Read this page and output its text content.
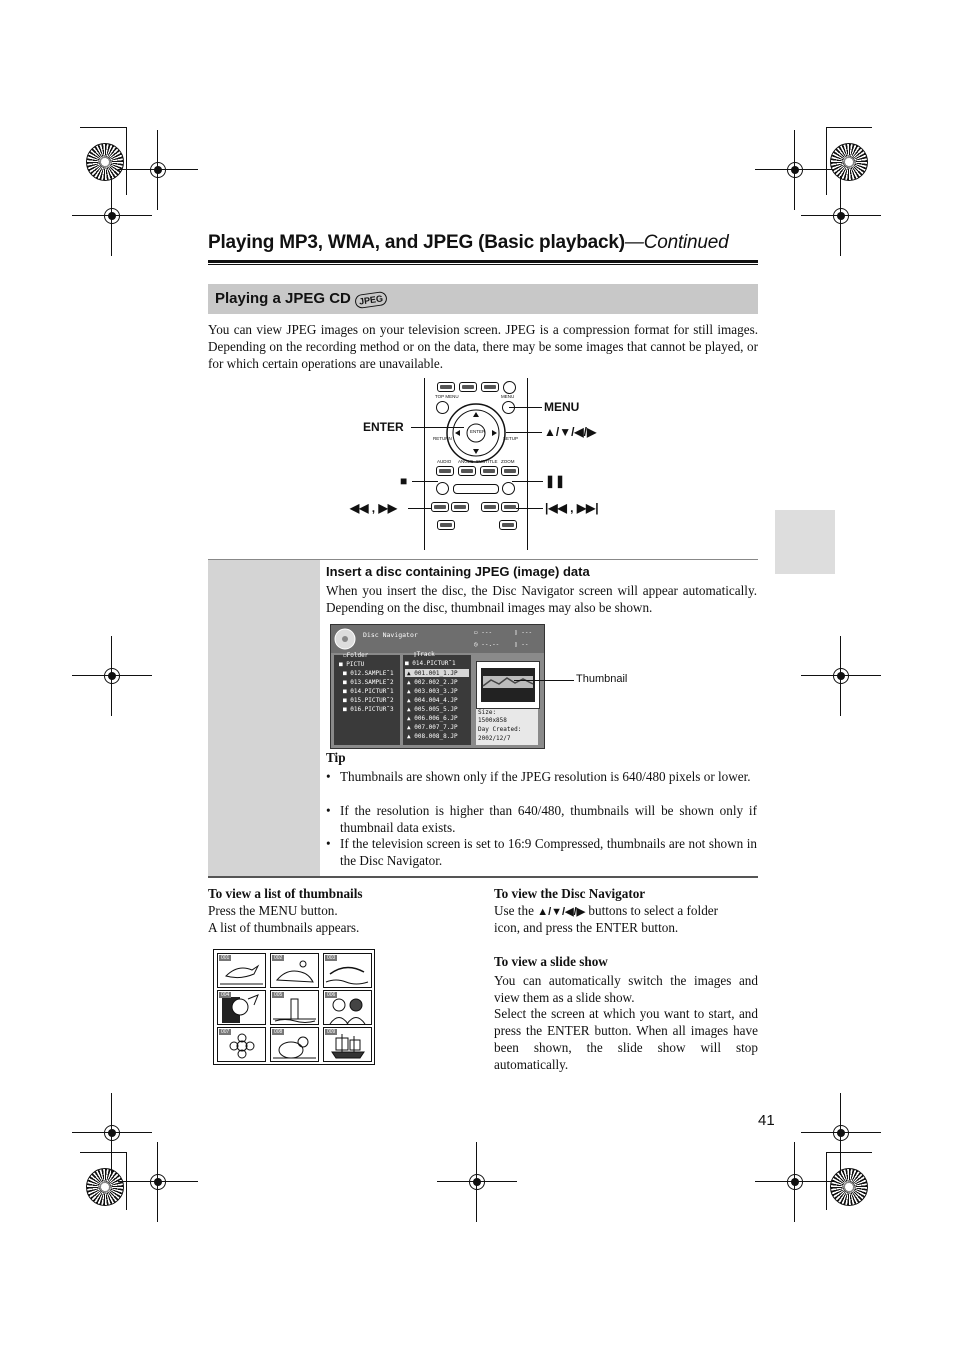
Playing MP3, WMA, and JPEG (Basic playback)—Continued
Playing a JPEG CD JPEG
You can view JPEG images on your television screen. JPEG is a compression format for still images. Depending on the recording method or on the data, there may be some images that cannot be played, or for which certain operations are unavailable.
TOP MENU	MENU
ENTER
RETURN	SETUP
AUDIO ANGLE SUBTITLE ZOOM
MENU
ENTER	▲/▼/◀/▶
■	❚❚
◀◀ , ▶▶	|◀◀ , ▶▶|
Insert a disc containing JPEG (image) data
When you insert the disc, the Disc Navigator screen will appear automatically. Depending on the disc, thumbnail images may also be shown.
Disc Navigator	▭ ---	▯ ---
◷ --.-- ▯ --
▭Folder
■ PICTU
■ 012.SAMPLE˜1
■ 013.SAMPLE˜2
■ 014.PICTUR˜1
■ 015.PICTUR˜2
■ 016.PICTUR˜3
▯Track
■ 014.PICTUR˜1
▲ 001.001_1.JP
▲ 002.002_2.JP
▲ 003.003_3.JP
▲ 004.004_4.JP
▲ 005.005_5.JP
▲ 006.006_6.JP
▲ 007.007_7.JP
▲ 008.008_8.JP
Size:
1500x858
Day Created:
2002/12/7
Thumbnail
Tip
• Thumbnails are shown only if the JPEG resolution is 640/480 pixels or lower.
• If the resolution is higher than 640/480, thumbnails will be shown only if thumbnail data exists.
• If the television screen is set to 16:9 Compressed, thumbnails are not shown in the Disc Navigator.
To view a list of thumbnails
Press the MENU button.
A list of thumbnails appears.
001	002	003
004	005	006
007	008	009
To view the Disc Navigator
Use the ▲/▼/◀/▶ buttons to select a folder
icon, and press the ENTER button.
To view a slide show
You can automatically switch the images and view them as a slide show.
Select the screen at which you want to start, and press the ENTER button. When all images have been shown, the slide show will stop automatically.
41
